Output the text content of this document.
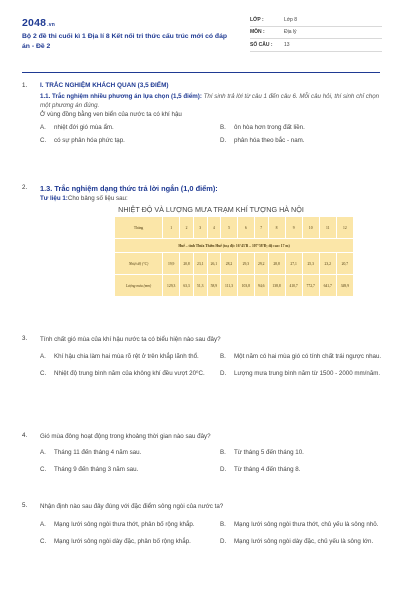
2048.vn
Bộ 2 đề thi cuối kì 1 Địa lí 8 Kết nối tri thức cấu trúc mới có đáp án - Đề 2
LỚP :	Lớp 8
MÔN :	Địa lý
SỐ CÂU :	13
1.	I. TRẮC NGHIỆM KHÁCH QUAN (3,5 ĐIỂM)
1.1. Trắc nghiệm nhiều phương án lựa chọn (1,5 điểm): Thí sinh trả lời từ câu 1 đến câu 6. Mỗi câu hỏi, thí sinh chỉ chọn một phương án đúng.
Ở vùng đồng bằng ven biển của nước ta có khí hậu
A.	nhiệt đới gió mùa ẩm.	B.	ôn hòa hơn trong đất liền.
C.	có sự phân hóa phức tạp.	D.	phân hóa theo bắc - nam.
2.	1.3. Trắc nghiệm dạng thức trả lời ngắn (1,0 điểm):
Tư liệu 1:Cho bảng số liệu sau:
NHIỆT ĐỘ VÀ LƯỢNG MƯA TRẠM KHÍ TƯỢNG HÀ NỘI
Tháng	1	2	3	4	5	6	7	8	9	10	11	12
Huế – tỉnh Thừa Thiên Huế (toạ độ: 16°43'B – 107°58'Đ; độ cao: 17 m)												
Nhiệt độ (°C)	19,9	20,8	23,1	26,1	28,2	29,3	29,2	28,8	27,1	25,3	23,2	20,7
Lượng mưa (mm)	129,3	63,3	51,3	58,9	111,3	103,8	94,6	138,8	410,7	772,7	641,7	349,9
3.	Tính chất gió mùa của khí hậu nước ta có biểu hiện nào sau đây?
A.	Khí hậu chia làm hai mùa rõ rệt ở trên khắp lãnh thổ.	B.	Một năm có hai mùa gió có tính chất trái ngược nhau.
C.	Nhiệt độ trung bình năm của không khí đều vượt 20⁰C. D.	Lượng mưa trung bình năm từ 1500 - 2000 mm/năm.
4.	Gió mùa đông hoạt động trong khoảng thời gian nào sau đây?
A.	Tháng 11 đến tháng 4 năm sau.	B.	Từ tháng 5 đến tháng 10.
C.	Tháng 9 đến tháng 3 năm sau.	D.	Từ tháng 4 đến tháng 8.
5.	Nhận định nào sau đây đúng với đặc điểm sông ngòi của nước ta?
A.	Mạng lưới sông ngòi thưa thớt, phân bố rộng khắp.	B.	Mạng lưới sông ngòi thưa thớt, chủ yếu là sông nhỏ.
C.	Mạng lưới sông ngòi dày đặc, phân bố rộng khắp.	D.	Mạng lưới sông ngòi dày đặc, chủ yếu là sông lớn.
